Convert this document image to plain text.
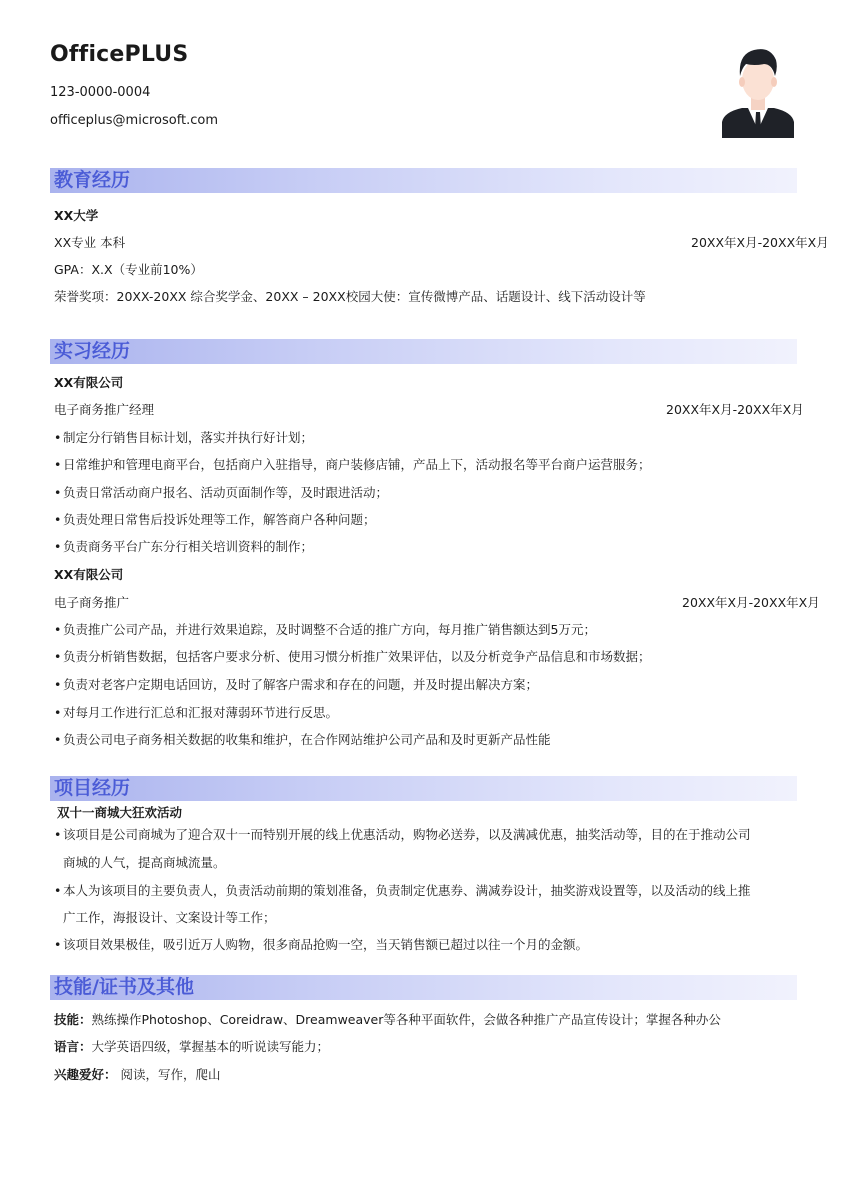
OfficePLUS
123-0000-0004
officeplus@microsoft.com
教育经历
XX大学
XX专业 本科	20XX年X月-20XX年X月
GPA：X.X（专业前10%）
荣誉奖项：20XX-20XX 综合奖学金、20XX – 20XX校园大使：宣传微博产品、话题设计、线下活动设计等
实习经历
XX有限公司
电子商务推广经理	20XX年X月-20XX年X月
• 制定分行销售目标计划，落实并执行好计划；
• 日常维护和管理电商平台，包括商户入驻指导，商户装修店铺，产品上下，活动报名等平台商户运营服务；
• 负责日常活动商户报名、活动页面制作等，及时跟进活动；
• 负责处理日常售后投诉处理等工作，解答商户各种问题；
• 负责商务平台广东分行相关培训资料的制作；
XX有限公司
电子商务推广	20XX年X月-20XX年X月
• 负责推广公司产品，并进行效果追踪，及时调整不合适的推广方向，每月推广销售额达到5万元；
• 负责分析销售数据，包括客户要求分析、使用习惯分析推广效果评估，以及分析竞争产品信息和市场数据；
• 负责对老客户定期电话回访，及时了解客户需求和存在的问题，并及时提出解决方案；
• 对每月工作进行汇总和汇报对薄弱环节进行反思。
• 负责公司电子商务相关数据的收集和维护，在合作网站维护公司产品和及时更新产品性能
项目经历
双十一商城大狂欢活动
• 该项目是公司商城为了迎合双十一而特别开展的线上优惠活动，购物必送券，以及满减优惠，抽奖活动等，目的在于推动公司
商城的人气，提高商城流量。
• 本人为该项目的主要负责人，负责活动前期的策划准备，负责制定优惠券、满减券设计，抽奖游戏设置等，以及活动的线上推
广工作，海报设计、文案设计等工作；
• 该项目效果极佳，吸引近万人购物，很多商品抢购一空，当天销售额已超过以往一个月的金额。
技能/证书及其他
技能：熟练操作Photoshop、Coreidraw、Dreamweaver等各种平面软件，会做各种推广产品宣传设计；掌握各种办公
语言：大学英语四级，掌握基本的听说读写能力；
兴趣爱好： 阅读，写作，爬山
